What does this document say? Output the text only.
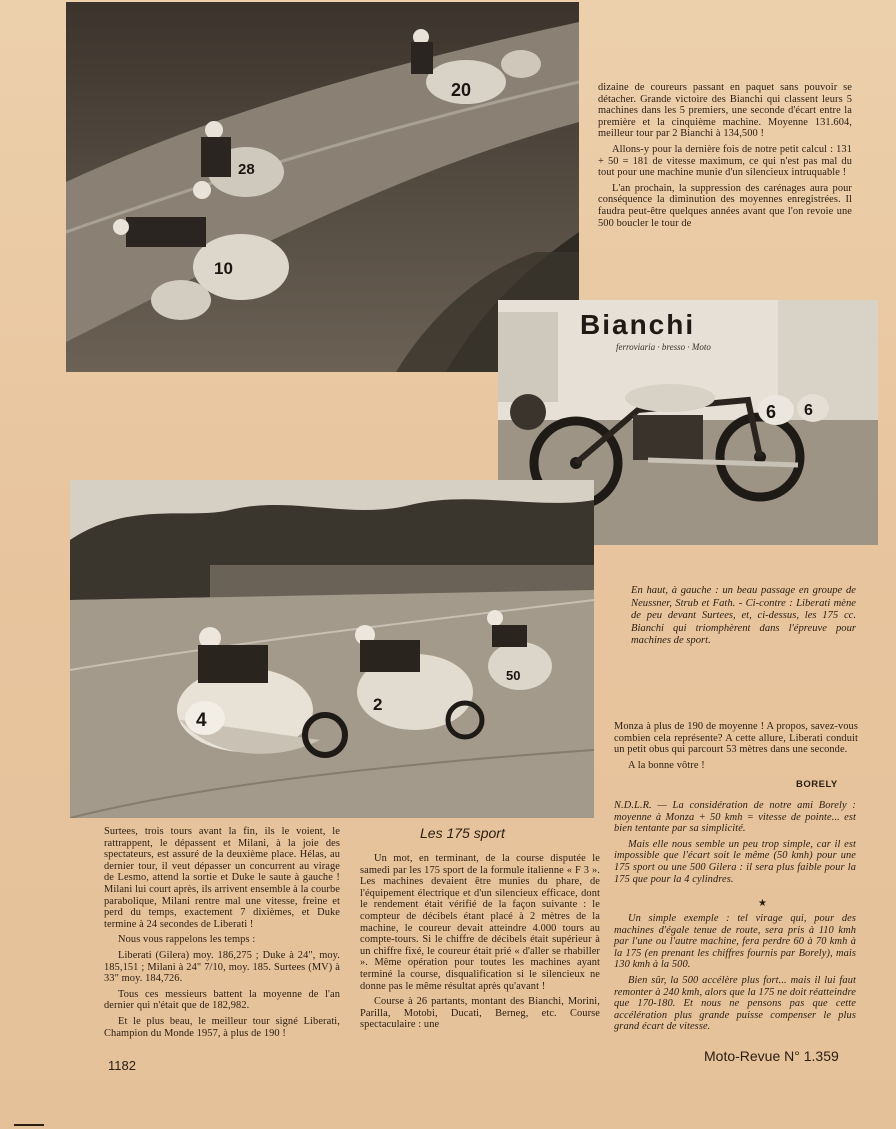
20
28
10

dizaine de coureurs passant en paquet sans pouvoir se détacher. Grande victoire des Bianchi qui classent leurs 5 machines dans les 5 premiers, une seconde d'écart entre la première et la cinquième machine. Moyenne 131.604, meilleur tour par 2 Bianchi à 134,500 !

Allons-y pour la dernière fois de notre petit calcul : 131 + 50 = 181 de vitesse maximum, ce qui n'est pas mal du tout pour une machine munie d'un silencieux intruquable !

L'an prochain, la suppression des carénages aura pour conséquence la diminution des moyennes enregistrées. Il faudra peut-être quelques années avant que l'on revoie une 500 boucler le tour de

Bianchi
ferroviaria · bresso · Moto
6 6
4
2
50
En haut, à gauche : un beau passage en groupe de Neussner, Strub et Fath. - Ci-contre : Liberati mène de peu devant Surtees, et, ci-dessus, les 175 cc. Bianchi qui triomphèrent dans l'épreuve pour machines de sport.

Monza à plus de 190 de moyenne ! A propos, savez-vous combien cela représente? A cette allure, Liberati conduit un petit obus qui parcourt 53 mètres dans une seconde.

A la bonne vôtre !

BORELY

Surtees, trois tours avant la fin, ils le voient, le rattrappent, le dépassent et Milani, à la joie des spectateurs, est assuré de la deuxième place. Hélas, au dernier tour, il veut dépasser un concurrent au virage de Lesmo, attend la sortie et Duke le saute à gauche ! Milani lui court après, ils arrivent ensemble à la courbe parabolique, Milani rentre mal une vitesse, freine et perd du temps, exactement 7 dixièmes, et Duke termine à 24 secondes de Liberati !

Nous vous rappelons les temps :

Liberati (Gilera) moy. 186,275 ; Duke à 24", moy. 185,151 ; Milani à 24" 7/10, moy. 185. Surtees (MV) à 33" moy. 184,726.

Tous ces messieurs battent la moyenne de l'an dernier qui n'était que de 182,982.

Et le plus beau, le meilleur tour signé Liberati, Champion du Monde 1957, à plus de 190 !

Les 175 sport

Un mot, en terminant, de la course disputée le samedi par les 175 sport de la formule italienne « F 3 ». Les machines devaient être munies du phare, de l'équipement électrique et d'un silencieux efficace, dont le rendement était vérifié de la façon suivante : le compteur de décibels étant placé à 2 mètres de la machine, le coureur devait atteindre 4.000 tours au compte-tours. Si le chiffre de décibels était supérieur à un chiffre fixé, le coureur était prié « d'aller se rhabiller ». Même opération pour toutes les machines ayant terminé la course, disqualification si le silencieux ne donne pas le même résultat après qu'avant !

Course à 26 partants, montant des Bianchi, Morini, Parilla, Motobi, Ducati, Berneg, etc. Course spectaculaire : une

N.D.L.R. — La considération de notre ami Borely : moyenne à Monza + 50 kmh = vitesse de pointe... est bien tentante par sa simplicité.

Mais elle nous semble un peu trop simple, car il est impossible que l'écart soit le même (50 kmh) pour une 175 sport ou une 500 Gilera : il sera plus faible pour la 175 que pour la 4 cylindres.

★

Un simple exemple : tel virage qui, pour des machines d'égale tenue de route, sera pris à 110 kmh par l'une ou l'autre machine, fera perdre 60 à 70 kmh à la 175 (en prenant les chiffres fournis par Borely), mais 130 kmh à la 500.

Bien sûr, la 500 accélère plus fort... mais il lui faut remonter à 240 kmh, alors que la 175 ne doit réatteindre que 170-180. Et nous ne pensons pas que cette accélération plus grande puisse compenser le plus grand écart de vitesse.

1182
Moto-Revue N° 1.359
